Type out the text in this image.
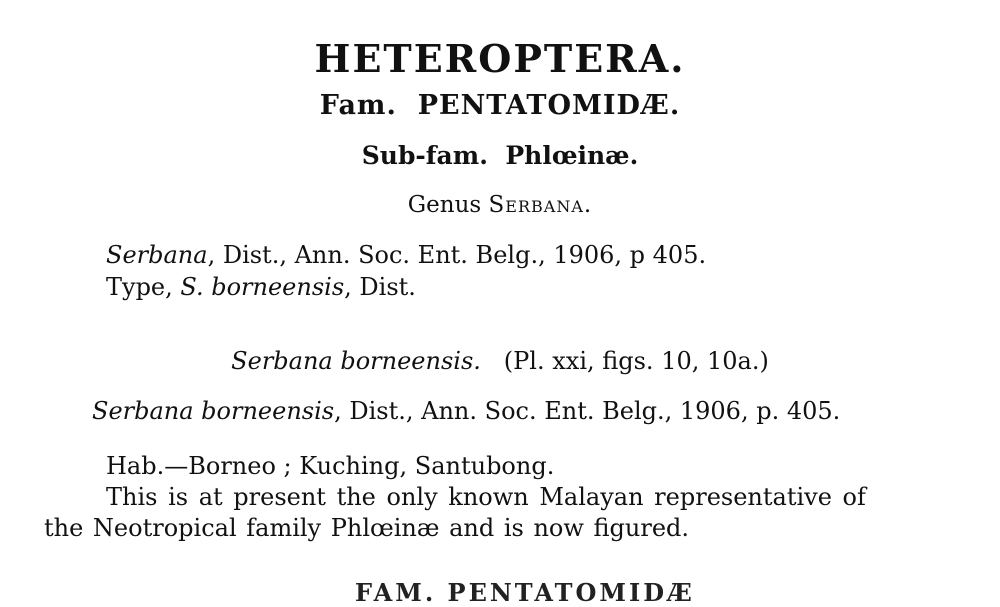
HETEROPTERA.
Fam. PENTATOMIDÆ.
Sub-fam. Phlœinæ.
Genus Serbana.
Serbana, Dist., Ann. Soc. Ent. Belg., 1906, p 405.
Type, S. borneensis, Dist.
Serbana borneensis. (Pl. xxi, figs. 10, 10a.)
Serbana borneensis, Dist., Ann. Soc. Ent. Belg., 1906, p. 405.
Hab.—Borneo ; Kuching, Santubong.
This is at present the only known Malayan representative of
the Neotropical family Phlœinæ and is now figured.
FAM. PENTATOMIDÆ
